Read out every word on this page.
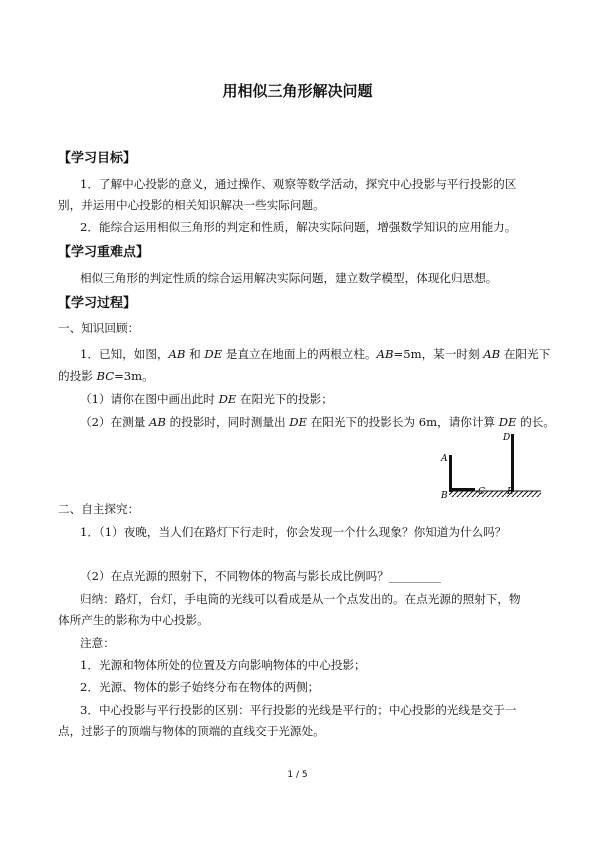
用相似三角形解决问题
【学习目标】
1．了解中心投影的意义，通过操作、观察等数学活动，探究中心投影与平行投影的区
别，并运用中心投影的相关知识解决一些实际问题。
2．能综合运用相似三角形的判定和性质，解决实际问题，增强数学知识的应用能力。
【学习重难点】
相似三角形的判定性质的综合运用解决实际问题，建立数学模型，体现化归思想。
【学习过程】
一、知识回顾：
1．已知，如图，AB 和 DE 是直立在地面上的两根立柱。AB=5m，某一时刻 AB 在阳光下
的投影 BC=3m。
（1）请你在图中画出此时 DE 在阳光下的投影；
（2）在测量 AB 的投影时，同时测量出 DE 在阳光下的投影长为 6m，请你计算 DE 的长。
A
B	C
D
E
二、自主探究：
1．（1）夜晚，当人们在路灯下行走时，你会发现一个什么现象？你知道为什么吗？
（2）在点光源的照射下，不同物体的物高与影长成比例吗？_________
归纳：路灯，台灯，手电筒的光线可以看成是从一个点发出的。在点光源的照射下，物
体所产生的影称为中心投影。
注意：
1．光源和物体所处的位置及方向影响物体的中心投影；
2．光源、物体的影子始终分布在物体的两侧；
3．中心投影与平行投影的区别：平行投影的光线是平行的；中心投影的光线是交于一
点，过影子的顶端与物体的顶端的直线交于光源处。
1 / 5
